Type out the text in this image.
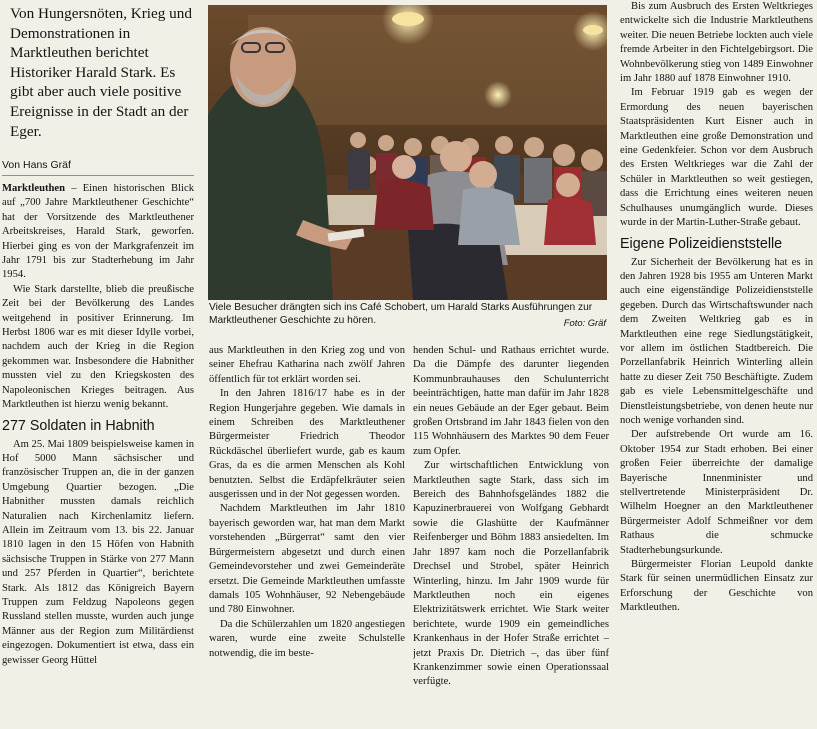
Von Hungersnöten, Krieg und Demonstrationen in Marktleuthen berichtet Historiker Harald Stark. Es gibt aber auch viele positive Ereignisse in der Stadt an der Eger.

Von Hans Gräf

Marktleuthen – Einen historischen Blick auf „700 Jahre Marktleuthener Geschichte“ hat der Vorsitzende des Marktleuthener Arbeitskreises, Harald Stark, geworfen. Hierbei ging es von der Markgrafenzeit im Jahr 1791 bis zur Stadterhebung im Jahr 1954.

Wie Stark darstellte, blieb die preußische Zeit bei der Bevölkerung des Landes weitgehend in positiver Erinnerung. Im Herbst 1806 war es mit dieser Idylle vorbei, nachdem auch der Krieg in die Region gekommen war. Insbesondere die Habnither mussten viel zu den Kriegskosten des Napoleonischen Krieges beitragen. Aus Marktleuthen ist hierzu wenig bekannt.

277 Soldaten in Habnith

Am 25. Mai 1809 beispielsweise kamen in Hof 5000 Mann sächsischer und französischer Truppen an, die in der ganzen Umgebung Quartier bezogen. „Die Habnither mussten damals reichlich Naturalien nach Kirchenlamitz liefern. Allein im Zeitraum vom 13. bis 22. Januar 1810 lagen in den 15 Höfen von Habnith sächsische Truppen in Stärke von 277 Mann und 257 Pferden in Quartier“, berichtete Stark. Als 1812 das Königreich Bayern Truppen zum Feldzug Napoleons gegen Russland stellen musste, wurden auch junge Männer aus der Region zum Militärdienst eingezogen. Dokumentiert ist etwa, dass ein gewisser Georg Hüttel

Viele Besucher drängten sich ins Café Schobert, um Harald Starks Ausführungen zur Marktleuthener Geschichte zu hören.	Foto: Gräf

aus Marktleuthen in den Krieg zog und von seiner Ehefrau Katharina nach zwölf Jahren öffentlich für tot erklärt worden sei.

In den Jahren 1816/17 habe es in der Region Hungerjahre gegeben. Wie damals in einem Schreiben des Marktleuthener Bürgermeister Friedrich Theodor Rückdäschel überliefert wurde, gab es kaum Gras, da es die armen Menschen als Kohl benutzten. Selbst die Erdäpfelkräuter seien ausgerissen und in der Not gegessen worden.

Nachdem Marktleuthen im Jahr 1810 bayerisch geworden war, hat man dem Markt vorstehenden „Bürgerrat“ samt den vier Bürgermeistern abgesetzt und durch einen Gemeindevorsteher und zwei Gemeinderäte ersetzt. Die Gemeinde Marktleuthen umfasste damals 105 Wohnhäuser, 92 Nebengebäude und 780 Einwohner.

Da die Schülerzahlen um 1820 angestiegen waren, wurde eine zweite Schulstelle notwendig, die im beste-

henden Schul- und Rathaus errichtet wurde. Da die Dämpfe des darunter liegenden Kommunbrauhauses den Schulunterricht beeinträchtigen, hatte man dafür im Jahr 1828 ein neues Gebäude an der Eger gebaut. Beim großen Ortsbrand im Jahr 1843 fielen von den 115 Wohnhäusern des Marktes 90 dem Feuer zum Opfer.

Zur wirtschaftlichen Entwicklung von Marktleuthen sagte Stark, dass sich im Bereich des Bahnhofsgeländes 1882 die Kapuzinerbrauerei von Wolfgang Gebhardt sowie die Glashütte der Kaufmänner Reifenberger und Böhm 1883 ansiedelten. Im Jahr 1897 kam noch die Porzellanfabrik Drechsel und Strobel, später Heinrich Winterling, hinzu. Im Jahr 1909 wurde für Marktleuthen noch ein eigenes Elektrizitätswerk errichtet. Wie Stark weiter berichtete, wurde 1909 ein gemeindliches Krankenhaus in der Hofer Straße errichtet – jetzt Praxis Dr. Dietrich –, das über fünf Krankenzimmer sowie einen Operationssaal verfügte.

Bis zum Ausbruch des Ersten Weltkrieges entwickelte sich die Industrie Marktleuthens weiter. Die neuen Betriebe lockten auch viele fremde Arbeiter in den Fichtelgebirgsort. Die Wohnbevölkerung stieg von 1489 Einwohner im Jahr 1880 auf 1878 Einwohner 1910.

Im Februar 1919 gab es wegen der Ermordung des neuen bayerischen Staatspräsidenten Kurt Eisner auch in Marktleuthen eine große Demonstration und eine Gedenkfeier. Schon vor dem Ausbruch des Ersten Weltkrieges war die Zahl der Schüler in Marktleuthen so weit gestiegen, dass die Errichtung eines weiteren neuen Schulhauses unumgänglich wurde. Dieses wurde in der Martin-Luther-Straße gebaut.

Eigene Polizeidienststelle

Zur Sicherheit der Bevölkerung hat es in den Jahren 1928 bis 1955 am Unteren Markt auch eine eigenständige Polizeidienststelle gegeben. Durch das Wirtschaftswunder nach dem Zweiten Weltkrieg gab es in Marktleuthen eine rege Siedlungstätigkeit, vor allem im östlichen Stadtbereich. Die Porzellanfabrik Heinrich Winterling allein hatte zu dieser Zeit 750 Beschäftigte. Zudem gab es viele Lebensmittelgeschäfte und Dienstleistungsbetriebe, von denen heute nur noch wenige vorhanden sind.

Der aufstrebende Ort wurde am 16. Oktober 1954 zur Stadt erhoben. Bei einer großen Feier überreichte der damalige Bayerische Innenminister und stellvertretende Ministerpräsident Dr. Wilhelm Hoegner an den Marktleuthener Bürgermeister Adolf Schmeißner vor dem Rathaus die schmucke Stadterhebungsurkunde.

Bürgermeister Florian Leupold dankte Stark für seinen unermüdlichen Einsatz zur Erforschung der Geschichte von Marktleuthen.
